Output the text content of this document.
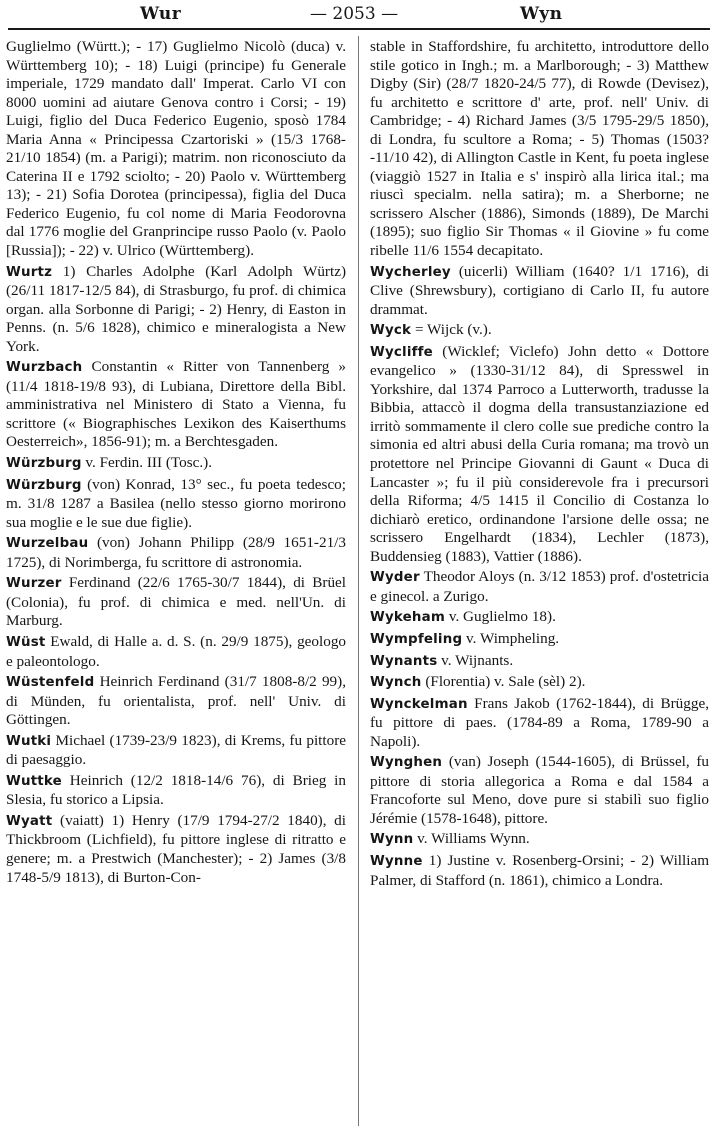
Wur	— 2053 —	Wyn

Guglielmo (Württ.); - 17) Guglielmo Nicolò (duca) v. Württemberg 10); - 18) Luigi (principe) fu Generale imperiale, 1729 mandato dall' Imperat. Carlo VI con 8000 uomini ad aiutare Genova contro i Corsi; - 19) Luigi, figlio del Duca Federico Eugenio, sposò 1784 Maria Anna « Principessa Czartoriski » (15/3 1768-21/10 1854) (m. a Parigi); matrim. non riconosciuto da Caterina II e 1792 sciolto; - 20) Paolo v. Württemberg 13); - 21) Sofia Dorotea (principessa), figlia del Duca Federico Eugenio, fu col nome di Maria Feodorovna dal 1776 moglie del Granprincipe russo Paolo (v. Paolo [Russia]); - 22) v. Ulrico (Württemberg).

Wurtz 1) Charles Adolphe (Karl Adolph Würtz) (26/11 1817-12/5 84), di Strasburgo, fu prof. di chimica organ. alla Sorbonne di Parigi; - 2) Henry, di Easton in Penns. (n. 5/6 1828), chimico e mineralogista a New York.

Wurzbach Constantin « Ritter von Tannenberg » (11/4 1818-19/8 93), di Lubiana, Direttore della Bibl. amministrativa nel Ministero di Stato a Vienna, fu scrittore (« Biographisches Lexikon des Kaiserthums Oesterreich», 1856-91); m. a Berchtesgaden.

Würzburg v. Ferdin. III (Tosc.).

Würzburg (von) Konrad, 13° sec., fu poeta tedesco; m. 31/8 1287 a Basilea (nello stesso giorno morirono sua moglie e le sue due figlie).

Wurzelbau (von) Johann Philipp (28/9 1651-21/3 1725), di Norimberga, fu scrittore di astronomia.

Wurzer Ferdinand (22/6 1765-30/7 1844), di Brüel (Colonia), fu prof. di chimica e med. nell'Un. di Marburg.

Wüst Ewald, di Halle a. d. S. (n. 29/9 1875), geologo e paleontologo.

Wüstenfeld Heinrich Ferdinand (31/7 1808-8/2 99), di Münden, fu orientalista, prof. nell' Univ. di Göttingen.

Wutki Michael (1739-23/9 1823), di Krems, fu pittore di paesaggio.

Wuttke Heinrich (12/2 1818-14/6 76), di Brieg in Slesia, fu storico a Lipsia.

Wyatt (vaiatt) 1) Henry (17/9 1794-27/2 1840), di Thickbroom (Lichfield), fu pittore inglese di ritratto e genere; m. a Prestwich (Manchester); - 2) James (3/8 1748-5/9 1813), di Burton-Con-

stable in Staffordshire, fu architetto, introduttore dello stile gotico in Ingh.; m. a Marlborough; - 3) Matthew Digby (Sir) (28/7 1820-24/5 77), di Rowde (Devisez), fu architetto e scrittore d' arte, prof. nell' Univ. di Cambridge; - 4) Richard James (3/5 1795-29/5 1850), di Londra, fu scultore a Roma; - 5) Thomas (1503?-11/10 42), di Allington Castle in Kent, fu poeta inglese (viaggiò 1527 in Italia e s' inspirò alla lirica ital.; ma riuscì specialm. nella satira); m. a Sherborne; ne scrissero Alscher (1886), Simonds (1889), De Marchi (1895); suo figlio Sir Thomas « il Giovine » fu come ribelle 11/6 1554 decapitato.

Wycherley (uicerli) William (1640? 1/1 1716), di Clive (Shrewsbury), cortigiano di Carlo II, fu autore drammat.

Wyck = Wijck (v.).

Wycliffe (Wicklef; Viclefo) John detto « Dottore evangelico » (1330-31/12 84), di Spresswel in Yorkshire, dal 1374 Parroco a Lutterworth, tradusse la Bibbia, attaccò il dogma della transustanziazione ed irritò sommamente il clero colle sue prediche contro la simonia ed altri abusi della Curia romana; ma trovò un protettore nel Principe Giovanni di Gaunt « Duca di Lancaster »; fu il più considerevole fra i precursori della Riforma; 4/5 1415 il Concilio di Costanza lo dichiarò eretico, ordinandone l'arsione delle ossa; ne scrissero Engelhardt (1834), Lechler (1873), Buddensieg (1883), Vattier (1886).

Wyder Theodor Aloys (n. 3/12 1853) prof. d'ostetricia e ginecol. a Zurigo.

Wykeham v. Guglielmo 18).

Wympfeling v. Wimpheling.

Wynants v. Wijnants.

Wynch (Florentia) v. Sale (sèl) 2).

Wynckelman Frans Jakob (1762-1844), di Brügge, fu pittore di paes. (1784-89 a Roma, 1789-90 a Napoli).

Wynghen (van) Joseph (1544-1605), di Brüssel, fu pittore di storia allegorica a Roma e dal 1584 a Francoforte sul Meno, dove pure si stabilì suo figlio Jérémie (1578-1648), pittore.

Wynn v. Williams Wynn.

Wynne 1) Justine v. Rosenberg-Orsini; - 2) William Palmer, di Stafford (n. 1861), chimico a Londra.
